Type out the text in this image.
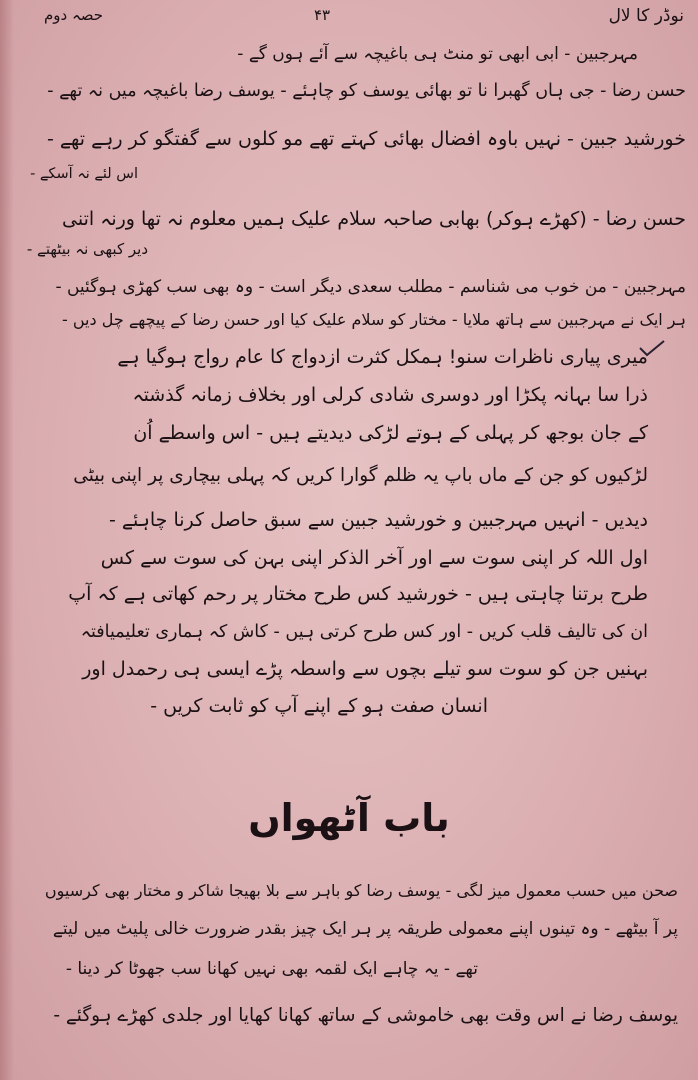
نوڈر کا لال
۴۳
حصہ دوم
مہرجبین - ابی ابھی تو منٹ ہی باغیچہ سے آئے ہوں گے -
حسن رضا - جی ہاں گھبرا نا تو بھائی یوسف کو چاہئے - یوسف رضا باغیچہ میں نہ تھے -
خورشید جبین - نہیں باوہ افضال بھائی کہتے تھے مو کلوں سے گفتگو کر رہے تھے -
اس لئے نہ آسکے -
حسن رضا - (کھڑے ہوکر) بھابی صاحبہ سلام علیک ہمیں معلوم نہ تھا ورنہ اتنی
دیر کبھی نہ بیٹھتے -
مہرجبین - من خوب می شناسم - مطلب سعدی دیگر است - وہ بھی سب کھڑی ہوگئیں -
ہر ایک نے مہرجبین سے ہاتھ ملایا - مختار کو سلام علیک کیا اور حسن رضا کے پیچھے چل دیں -
میری پیاری ناظرات سنو! ہمکل کثرت ازدواج کا عام رواج ہوگیا ہے
ذرا سا بہانہ پکڑا اور دوسری شادی کرلی اور بخلاف زمانہ گذشتہ
کے جان بوجھ کر پہلی کے ہوتے لڑکی دیدیتے ہیں - اس واسطے اُن
لڑکیوں کو جن کے ماں باپ یہ ظلم گوارا کریں کہ پہلی بیچاری پر اپنی بیٹی
دیدیں - انہیں مہرجبین و خورشید جبین سے سبق حاصل کرنا چاہئے -
اول اللہ کر اپنی سوت سے اور آخر الذکر اپنی بہن کی سوت سے کس
طرح برتنا چاہتی ہیں - خورشید کس طرح مختار پر رحم کھاتی ہے کہ آپ
ان کی تالیف قلب کریں - اور کس طرح کرتی ہیں - کاش کہ ہماری تعلیمیافتہ
بہنیں جن کو سوت سو تیلے بچوں سے واسطہ پڑے ایسی ہی رحمدل اور
انسان صفت ہو کے اپنے آپ کو ثابت کریں -
باب آٹھواں
صحن میں حسب معمول میز لگی - یوسف رضا کو باہر سے بلا بھیجا شاکر و مختار بھی کرسیوں
پر آ بیٹھے - وہ تینوں اپنے معمولی طریقہ پر ہر ایک چیز بقدر ضرورت خالی پلیٹ میں لیتے
تھے - یہ چاہے ایک لقمہ بھی نہیں کھانا سب جھوٹا کر دینا -
یوسف رضا نے اس وقت بھی خاموشی کے ساتھ کھانا کھایا اور جلدی کھڑے ہوگئے -
